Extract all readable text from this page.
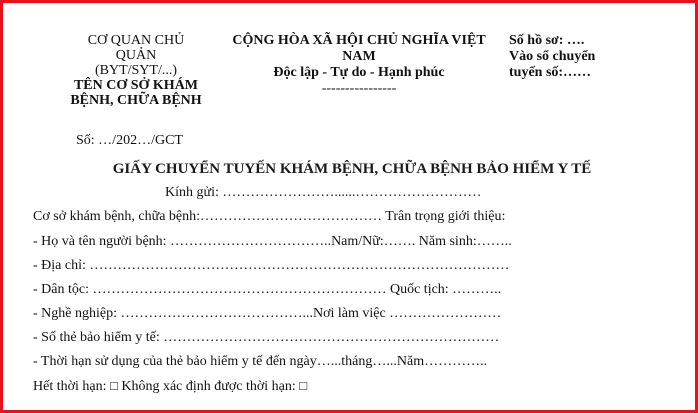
CƠ QUAN CHỦ
QUẢN
(BYT/SYT/...)
TÊN CƠ SỞ KHÁM
BỆNH, CHỮA BỆNH
CỘNG HÒA XÃ HỘI CHỦ NGHĨA VIỆT
NAM
Độc lập - Tự do - Hạnh phúc
----------------
Số hồ sơ: ….
Vào sổ chuyển
tuyến số:……
Số: …/202…/GCT
GIẤY CHUYỂN TUYẾN KHÁM BỆNH, CHỮA BỆNH BẢO HIỂM Y TẾ
Kính gửi: ……………………......………………………
Cơ sở khám bệnh, chữa bệnh:………………………………… Trân trọng giới thiệu:
- Họ và tên người bệnh: ……………………………..Nam/Nữ:……. Năm sinh:……..
- Địa chỉ: ………………………………………………………………………………
- Dân tộc: ……………………………………………………… Quốc tịch: ………..
- Nghề nghiệp: …………………………………...Nơi làm việc ……………………
- Số thẻ bảo hiểm y tế: ………………………………………………………………
- Thời hạn sử dụng của thẻ bảo hiểm y tế đến ngày…...tháng…...Năm…………..
Hết thời hạn: □ Không xác định được thời hạn: □
